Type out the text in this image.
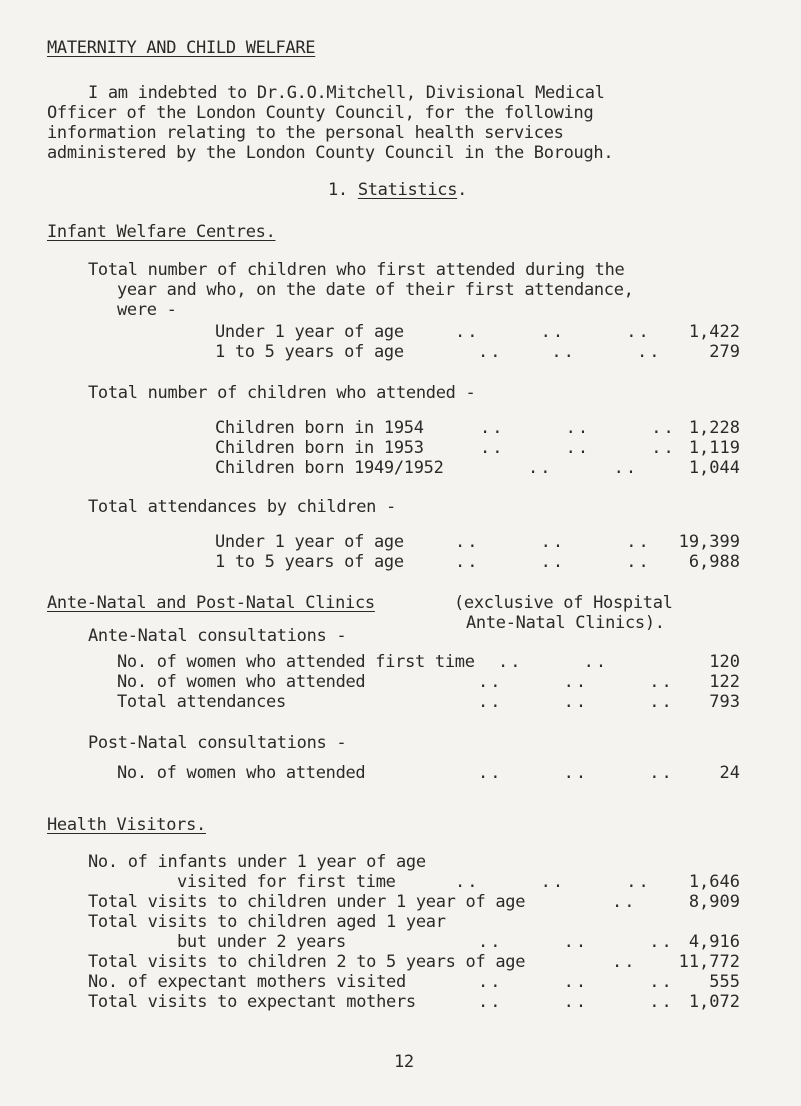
MATERNITY AND CHILD WELFARE
I am indebted to Dr.G.O.Mitchell, Divisional Medical
Officer of the London County Council, for the following
information relating to the personal health services
administered by the London County Council in the Borough.
1. Statistics.
Infant Welfare Centres.
Total number of children who first attended during the
year and who, on the date of their first attendance,
were -
Under 1 year of age	..     ..     ..	1,422
1 to 5 years of age	..    ..     ..	279
Total number of children who attended -
Children born in 1954	..     ..     .. 1,228
Children born in 1953	..     ..     .. 1,119
Children born 1949/1952	..     ..	1,044
Total attendances by children -
Under 1 year of age	..     ..     ..	19,399
1 to 5 years of age	..     ..     ..	6,988
Ante-Natal and Post-Natal Clinics	(exclusive of Hospital
Ante-Natal Clinics).
Ante-Natal consultations -
No. of women who attended first time ..     ..	120
No. of women who attended	..     ..     ..	122
Total attendances	..     ..     ..	793
Post-Natal consultations -
No. of women who attended	..     ..     ..	24
Health Visitors.
No. of infants under 1 year of age
visited for first time	..     ..     ..	1,646
Total visits to children under 1 year of age	..	8,909
Total visits to children aged 1 year
but under 2 years	..     ..     .. 4,916
Total visits to children 2 to 5 years of age	..	11,772
No. of expectant mothers visited	..     ..     ..	555
Total visits to expectant mothers	..     ..     .. 1,072
12
